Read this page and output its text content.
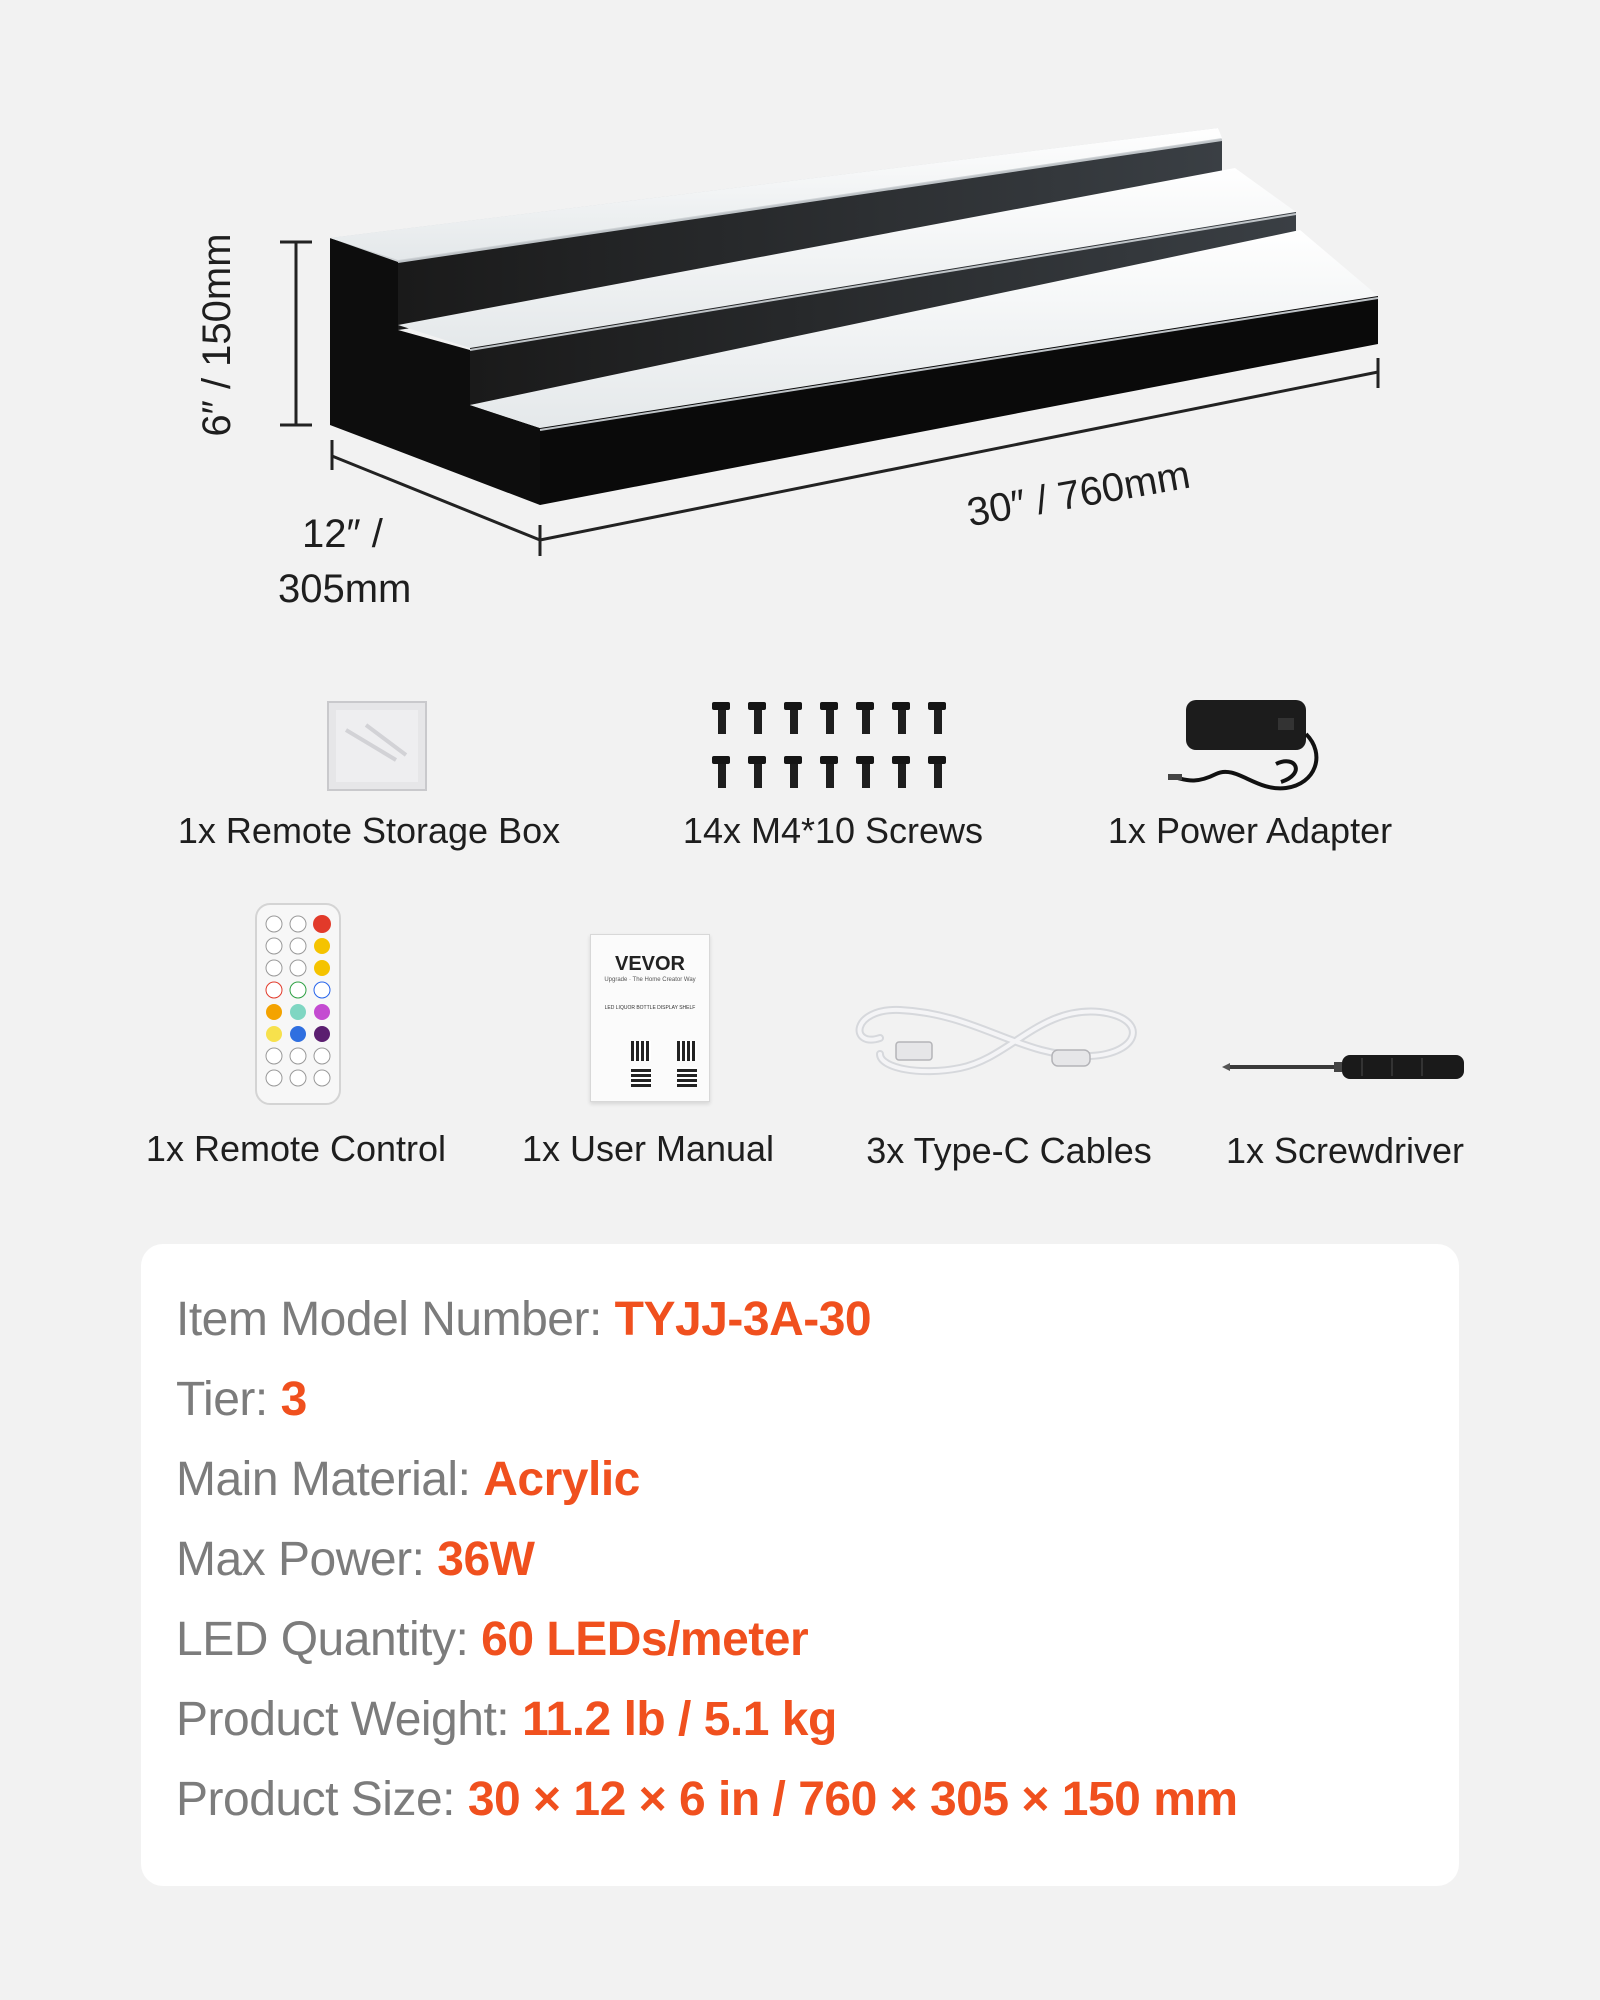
6″ / 150mm
12″ /
305mm
30″ / 760mm
1x Remote Storage Box	14x M4*10 Screws	1x Power Adapter
1x Remote Control
VEVOR
Upgrade · The Home Creator Way
LED LIQUOR BOTTLE DISPLAY SHELF
1x User Manual	3x Type-C Cables 1x Screwdriver
Item Model Number: TYJJ-3A-30
Tier: 3
Main Material: Acrylic
Max Power: 36W
LED Quantity: 60 LEDs/meter
Product Weight: 11.2 lb / 5.1 kg
Product Size: 30 × 12 × 6 in / 760 × 305 × 150 mm
